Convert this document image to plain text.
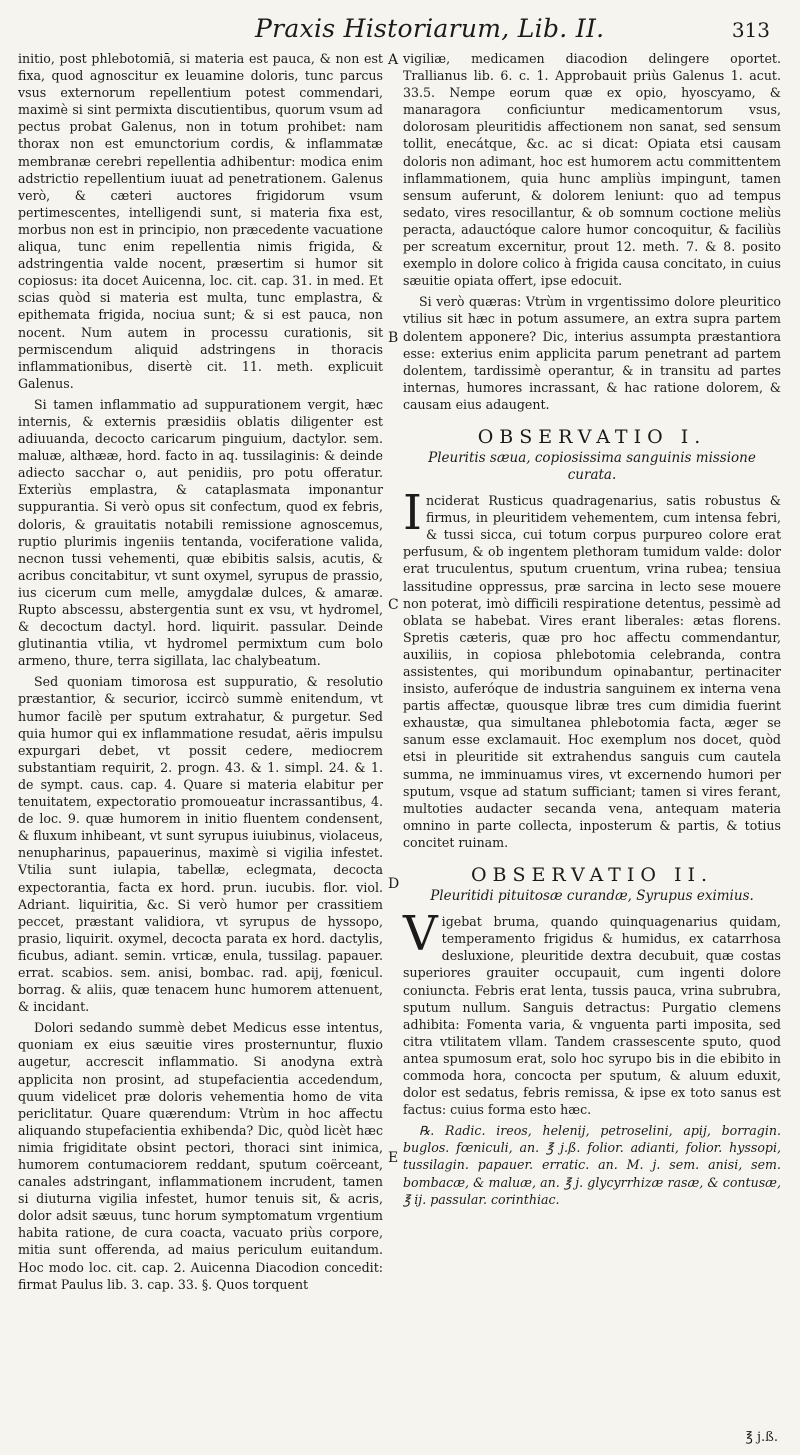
Praxis Historiarum, Lib. II.	313

initio, post phlebotomiā, si materia est pauca, & non est fixa, quod agnoscitur ex leuamine doloris, tunc parcus vsus externorum repellentium potest commendari, maximè si sint permixta discutientibus, quorum vsum ad pectus probat Galenus, non in totum prohibet: nam thorax non est emunctorium cordis, & inflammatæ membranæ cerebri repellentia adhibentur: modica enim adstrictio repellentium iuuat ad penetrationem. Galenus verò, & cæteri auctores frigidorum vsum pertimescentes, intelligendi sunt, si materia fixa est, morbus non est in principio, non præcedente vacuatione aliqua, tunc enim repellentia nimis frigida, & adstringentia valde nocent, præsertim si humor sit copiosus: ita docet Auicenna, loc. cit. cap. 31. in med. Et scias quòd si materia est multa, tunc emplastra, & epithemata frigida, nociua sunt; & si est pauca, non nocent. Num autem in processu curationis, sit permiscendum aliquid adstringens in thoracis inflammationibus, disertè cit. 11. meth. explicuit Galenus.

Si tamen inflammatio ad suppurationem vergit, hæc internis, & externis præsidiis oblatis diligenter est adiuuanda, decocto caricarum pinguium, dactylor. sem. maluæ, althææ, hord. facto in aq. tussilaginis: & deinde adiecto sacchar o, aut penidiis, pro potu offeratur. Exteriùs emplastra, & cataplasmata imponantur suppurantia. Si verò opus sit confectum, quod ex febris, doloris, & grauitatis notabili remissione agnoscemus, ruptio plurimis ingeniis tentanda, vociferatione valida, necnon tussi vehementi, quæ ebibitis salsis, acutis, & acribus concitabitur, vt sunt oxymel, syrupus de prassio, ius cicerum cum melle, amygdalæ dulces, & amaræ. Rupto abscessu, abstergentia sunt ex vsu, vt hydromel, & decoctum dactyl. hord. liquirit. passular. Deinde glutinantia vtilia, vt hydromel permixtum cum bolo armeno, thure, terra sigillata, lac chalybeatum.

Sed quoniam timorosa est suppuratio, & resolutio præstantior, & securior, iccircò summè enitendum, vt humor facilè per sputum extrahatur, & purgetur. Sed quia humor qui ex inflammatione resudat, aëris impulsu expurgari debet, vt possit cedere, mediocrem substantiam requirit, 2. progn. 43. & 1. simpl. 24. & 1. de sympt. caus. cap. 4. Quare si materia elabitur per tenuitatem, expectoratio promoueatur incrassantibus, 4. de loc. 9. quæ humorem in initio fluentem condensent, & fluxum inhibeant, vt sunt syrupus iuiubinus, violaceus, nenupharinus, papauerinus, maximè si vigilia infestet. Vtilia sunt iulapia, tabellæ, eclegmata, decocta expectorantia, facta ex hord. prun. iucubis. flor. viol. Adriant. liquiritia, &c. Si verò humor per crassitiem peccet, præstant validiora, vt syrupus de hyssopo, prasio, liquirit. oxymel, decocta parata ex hord. dactylis, ficubus, adiant. semin. vrticæ, enula, tussilag. papauer. errat. scabios. sem. anisi, bombac. rad. apij, fœnicul. borrag. & aliis, quæ tenacem hunc humorem attenuent, & incidant.

Dolori sedando summè debet Medicus esse intentus, quoniam ex eius sæuitie vires prosternuntur, fluxio augetur, accrescit inflammatio. Si anodyna extrà applicita non prosint, ad stupefacientia accedendum, quum videlicet præ doloris vehementia homo de vita periclitatur. Quare quærendum: Vtrùm in hoc affectu aliquando stupefacientia exhibenda? Dic, quòd licèt hæc nimia frigiditate obsint pectori, thoraci sint inimica, humorem contumaciorem reddant, sputum coërceant, canales adstringant, inflammationem incrudent, tamen si diuturna vigilia infestet, humor tenuis sit, & acris, dolor adsit sæuus, tunc horum symptomatum vrgentium habita ratione, de cura coacta, vacuato priùs corpore, mitia sunt offerenda, ad maius periculum euitandum. Hoc modo loc. cit. cap. 2. Auicenna Diacodion concedit: firmat Paulus lib. 3. cap. 33. §. Quos torquent

A
B
C
D
E

vigiliæ, medicamen diacodion delingere oportet. Trallianus lib. 6. c. 1. Approbauit priùs Galenus 1. acut. 33.5. Nempe eorum quæ ex opio, hyoscyamo, & manaragora conficiuntur medicamentorum vsus, dolorosam pleuritidis affectionem non sanat, sed sensum tollit, enecátque, &c. ac si dicat: Opiata etsi causam doloris non adimant, hoc est humorem actu committentem inflammationem, quia hunc ampliùs impingunt, tamen sensum auferunt, & dolorem leniunt: quo ad tempus sedato, vires resocillantur, & ob somnum coctione meliùs peracta, adauctóque calore humor concoquitur, & faciliùs per screatum excernitur, prout 12. meth. 7. & 8. posito exemplo in dolore colico à frigida causa concitato, in cuius sæuitie opiata offert, ipse edocuit.

Si verò quæras: Vtrùm in vrgentissimo dolore pleuritico vtilius sit hæc in potum assumere, an extra supra partem dolentem apponere? Dic, interius assumpta præstantiora esse: exterius enim applicita parum penetrant ad partem dolentem, tardissimè operantur, & in transitu ad partes internas, humores incrassant, & hac ratione dolorem, & causam eius adaugent.

OBSERVATIO I.
Pleuritis sæua, copiosissima sanguinis missione curata.

Inciderat Rusticus quadragenarius, satis robustus & firmus, in pleuritidem vehementem, cum intensa febri, & tussi sicca, cui totum corpus purpureo colore erat perfusum, & ob ingentem plethoram tumidum valde: dolor erat truculentus, sputum cruentum, vrina rubea; tensiua lassitudine oppressus, præ sarcina in lecto sese mouere non poterat, imò difficili respiratione detentus, pessimè ad oblata se habebat. Vires erant liberales: ætas florens. Spretis cæteris, quæ pro hoc affectu commendantur, auxiliis, in copiosa phlebotomia celebranda, contra assistentes, qui moribundum opinabantur, pertinaciter insisto, auferóque de industria sanguinem ex interna vena partis affectæ, quousque libræ tres cum dimidia fuerint exhaustæ, qua simultanea phlebotomia facta, æger se sanum esse exclamauit. Hoc exemplum nos docet, quòd etsi in pleuritide sit extrahendus sanguis cum cautela summa, ne imminuamus vires, vt excernendo humori per sputum, vsque ad statum sufficiant; tamen si vires ferant, multoties audacter secanda vena, antequam materia omnino in parte collecta, inposterum & partis, & totius concitet ruinam.

OBSERVATIO II.
Pleuritidi pituitosæ curandæ, Syrupus eximius.

Vigebat bruma, quando quinquagenarius quidam, temperamento frigidus & humidus, ex catarrhosa desluxione, pleuritide dextra decubuit, quæ costas superiores grauiter occupauit, cum ingenti dolore coniuncta. Febris erat lenta, tussis pauca, vrina subrubra, sputum nullum. Sanguis detractus: Purgatio clemens adhibita: Fomenta varia, & vnguenta parti imposita, sed citra vtilitatem vllam. Tandem crassescente sputo, quod antea spumosum erat, solo hoc syrupo bis in die ebibito in commoda hora, concocta per sputum, & aluum eduxit, dolor est sedatus, febris remissa, & ipse ex toto sanus est factus: cuius forma esto hæc.

℞. Radic. ireos, helenij, petroselini, apij, borragin. buglos. fœniculi, an. ℥ j.ß. folior. adianti, folior. hyssopi, tussilagin. papauer. erratic. an. M. j. sem. anisi, sem. bombacæ, & maluæ, an. ℥ j. glycyrrhizæ rasæ, & contusæ, ℥ ij. passular. corinthiac.

℥ j.ß.
